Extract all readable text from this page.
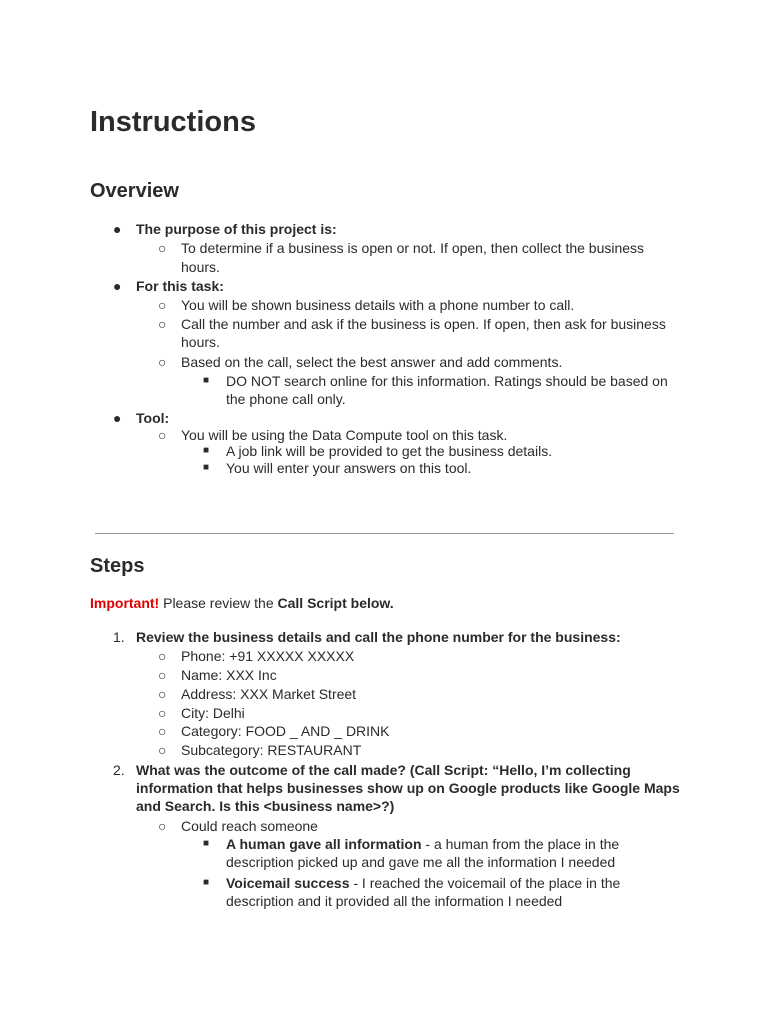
Instructions
Overview
● The purpose of this project is:
○ To determine if a business is open or not. If open, then collect the business
hours.
● For this task:
○ You will be shown business details with a phone number to call.
○ Call the number and ask if the business is open. If open, then ask for business
hours.
○ Based on the call, select the best answer and add comments.
■ DO NOT search online for this information. Ratings should be based on
the phone call only.
● Tool:
○ You will be using the Data Compute tool on this task.
■ A job link will be provided to get the business details.
■ You will enter your answers on this tool.
Steps
Important! Please review the Call Script below.
1. Review the business details and call the phone number for the business:
○ Phone: +91 XXXXX XXXXX
○ Name: XXX Inc
○ Address: XXX Market Street
○ City: Delhi
○ Category: FOOD _ AND _ DRINK
○ Subcategory: RESTAURANT
2. What was the outcome of the call made? (Call Script: “Hello, I’m collecting
information that helps businesses show up on Google products like Google Maps
and Search. Is this <business name>?)
○ Could reach someone
■ A human gave all information - a human from the place in the
description picked up and gave me all the information I needed
■ Voicemail success - I reached the voicemail of the place in the
description and it provided all the information I needed
